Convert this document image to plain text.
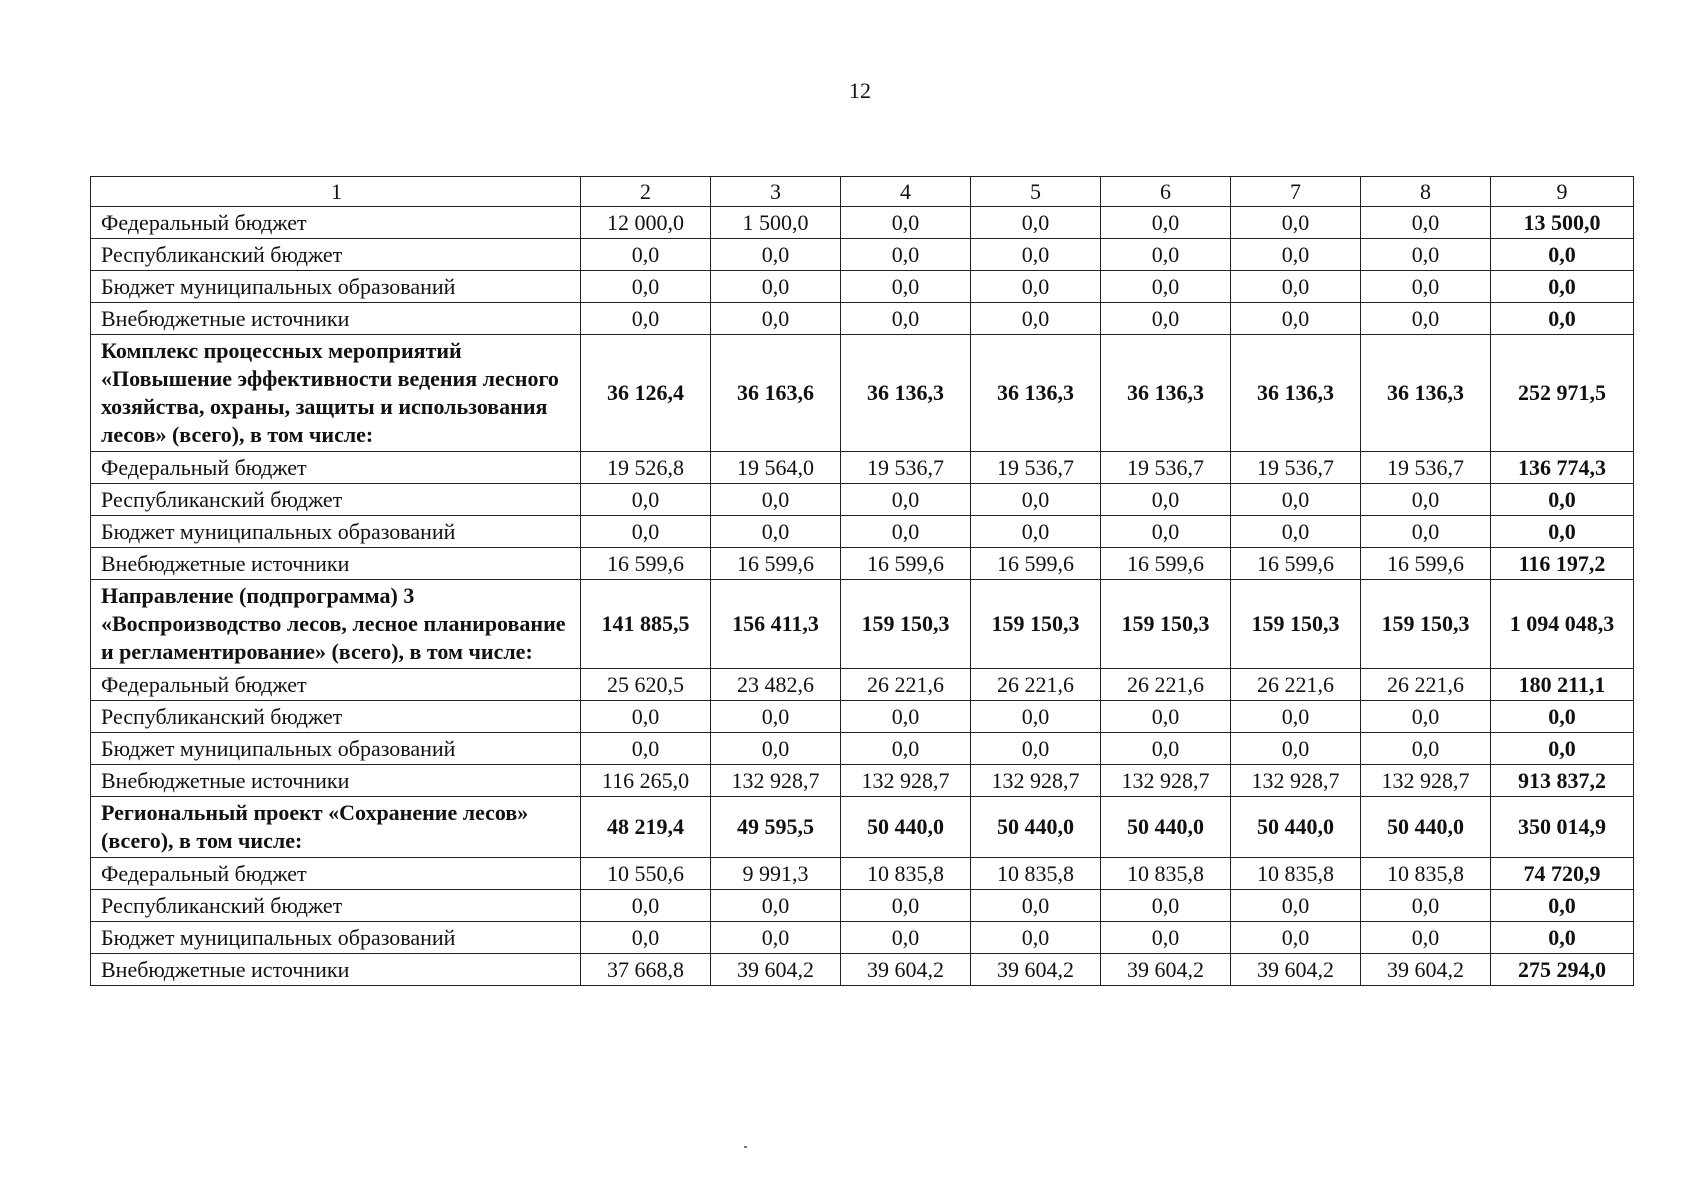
12
1	2	3	4	5	6	7	8	9
Федеральный бюджет	12 000,0	1 500,0	0,0	0,0	0,0	0,0	0,0	13 500,0
Республиканский бюджет	0,0	0,0	0,0	0,0	0,0	0,0	0,0	0,0
Бюджет муниципальных образований	0,0	0,0	0,0	0,0	0,0	0,0	0,0	0,0
Внебюджетные источники	0,0	0,0	0,0	0,0	0,0	0,0	0,0	0,0
Комплекс процессных мероприятий «Повышение эффективности ведения лесного хозяйства, охраны, защиты и использования лесов» (всего), в том числе:	36 126,4	36 163,6	36 136,3	36 136,3	36 136,3	36 136,3	36 136,3	252 971,5
Федеральный бюджет	19 526,8	19 564,0	19 536,7	19 536,7	19 536,7	19 536,7	19 536,7	136 774,3
Республиканский бюджет	0,0	0,0	0,0	0,0	0,0	0,0	0,0	0,0
Бюджет муниципальных образований	0,0	0,0	0,0	0,0	0,0	0,0	0,0	0,0
Внебюджетные источники	16 599,6	16 599,6	16 599,6	16 599,6	16 599,6	16 599,6	16 599,6	116 197,2
Направление (подпрограмма) 3 «Воспроизводство лесов, лесное планирование и регламентирование» (всего), в том числе:	141 885,5	156 411,3	159 150,3	159 150,3	159 150,3	159 150,3	159 150,3	1 094 048,3
Федеральный бюджет	25 620,5	23 482,6	26 221,6	26 221,6	26 221,6	26 221,6	26 221,6	180 211,1
Республиканский бюджет	0,0	0,0	0,0	0,0	0,0	0,0	0,0	0,0
Бюджет муниципальных образований	0,0	0,0	0,0	0,0	0,0	0,0	0,0	0,0
Внебюджетные источники	116 265,0	132 928,7	132 928,7	132 928,7	132 928,7	132 928,7	132 928,7	913 837,2
Региональный проект «Сохранение лесов» (всего), в том числе:	48 219,4	49 595,5	50 440,0	50 440,0	50 440,0	50 440,0	50 440,0	350 014,9
Федеральный бюджет	10 550,6	9 991,3	10 835,8	10 835,8	10 835,8	10 835,8	10 835,8	74 720,9
Республиканский бюджет	0,0	0,0	0,0	0,0	0,0	0,0	0,0	0,0
Бюджет муниципальных образований	0,0	0,0	0,0	0,0	0,0	0,0	0,0	0,0
Внебюджетные источники	37 668,8	39 604,2	39 604,2	39 604,2	39 604,2	39 604,2	39 604,2	275 294,0
